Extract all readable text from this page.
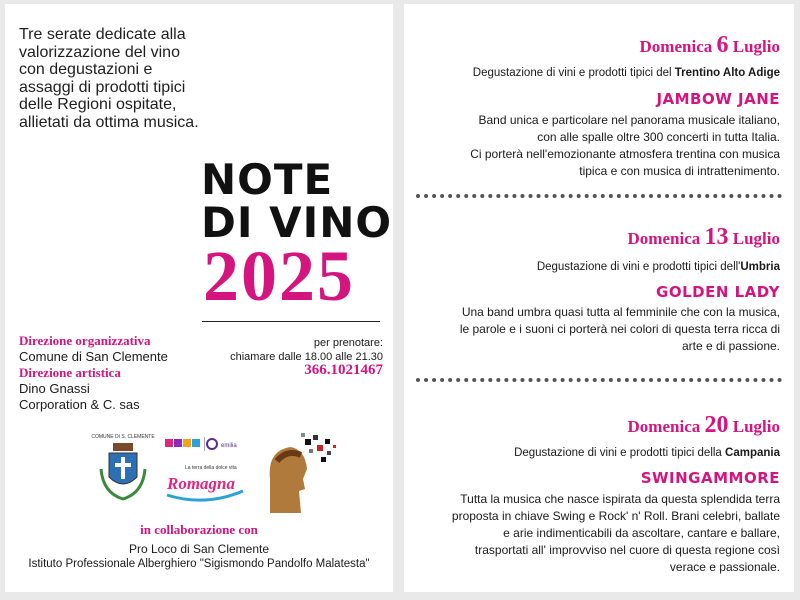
Tre serate dedicate alla valorizzazione del vino con degustazioni e assaggi di prodotti tipici delle Regioni ospitate, allietati da ottima musica.
NOTE
DI VINO
2025
Direzione organizzativa
Comune di San Clemente
Direzione artistica
Dino Gnassi
Corporation & C. sas
per prenotare:
chiamare dalle 18.00 alle 21.30
366.1021467
COMUNE DI S. CLEMENTE
emilia
La terra della dolce vita
Romagna
in collaborazione con
Pro Loco di San Clemente
Istituto Professionale Alberghiero "Sigismondo Pandolfo Malatesta"
Domenica 6 Luglio
Degustazione di vini e prodotti tipici del Trentino Alto Adige
JAMBOW JANE
Band unica e particolare nel panorama musicale italiano,
con alle spalle oltre 300 concerti in tutta Italia.
Ci porterà nell'emozionante atmosfera trentina con musica
tipica e con musica di intrattenimento.
Domenica 13 Luglio
Degustazione di vini e prodotti tipici dell'Umbria
GOLDEN LADY
Una band umbra quasi tutta al femminile che con la musica,
le parole e i suoni ci porterà nei colori di questa terra ricca di
arte e di passione.
Domenica 20 Luglio
Degustazione di vini e prodotti tipici della Campania
SWINGAMMORE
Tutta la musica che nasce ispirata da questa splendida terra
proposta in chiave Swing e Rock' n' Roll. Brani celebri, ballate
e arie indimenticabili da ascoltare, cantare e ballare,
trasportati all' improvviso nel cuore di questa regione così
verace e passionale.
